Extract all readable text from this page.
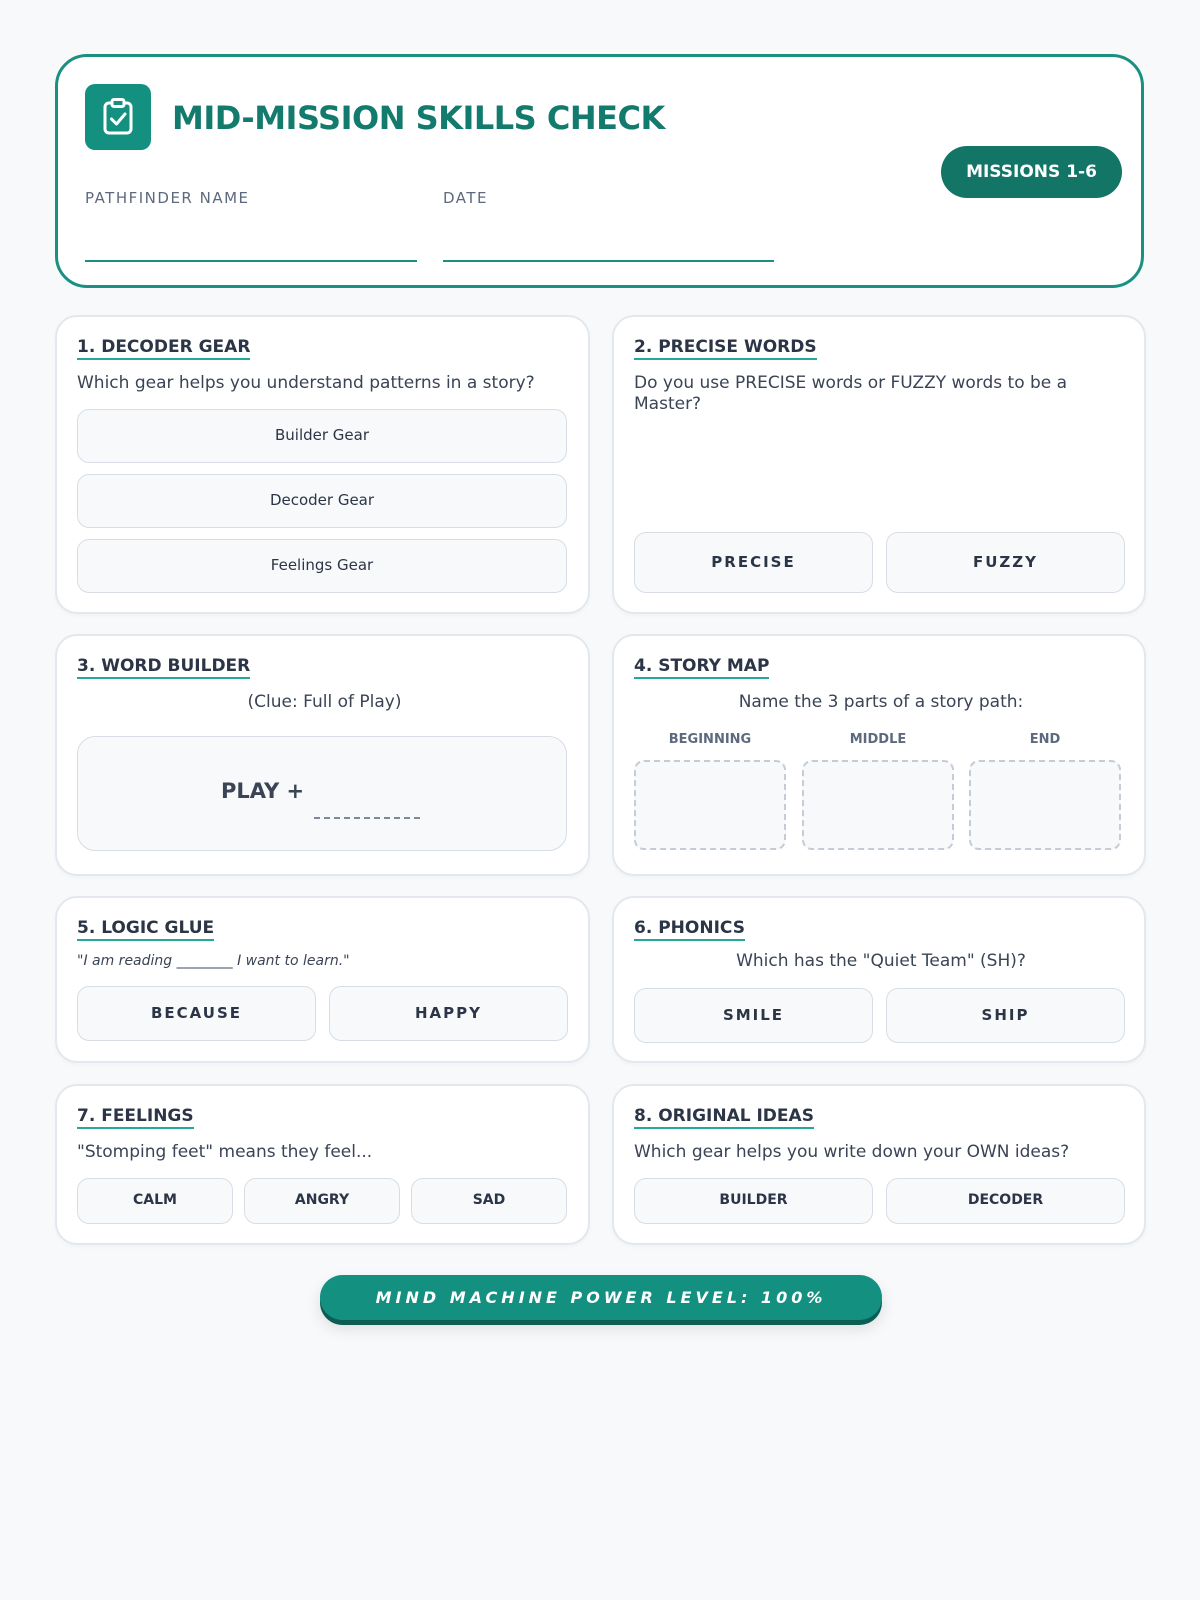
MID-MISSION SKILLS CHECK
MISSIONS 1-6
PATHFINDER NAME	DATE
1. DECODER GEAR
Which gear helps you understand patterns in a story?
Builder Gear
Decoder Gear
Feelings Gear
2. PRECISE WORDS
Do you use PRECISE words or FUZZY words to be a Master?
PRECISE	FUZZY
3. WORD BUILDER
(Clue: Full of Play)
PLAY +
4. STORY MAP
Name the 3 parts of a story path:
BEGINNING	MIDDLE	END
5. LOGIC GLUE
"I am reading ________ I want to learn."
BECAUSE	HAPPY
6. PHONICS
Which has the "Quiet Team" (SH)?
SMILE	SHIP
7. FEELINGS
"Stomping feet" means they feel...
CALM	ANGRY	SAD
8. ORIGINAL IDEAS
Which gear helps you write down your OWN ideas?
BUILDER	DECODER
MIND MACHINE POWER LEVEL: 100%
